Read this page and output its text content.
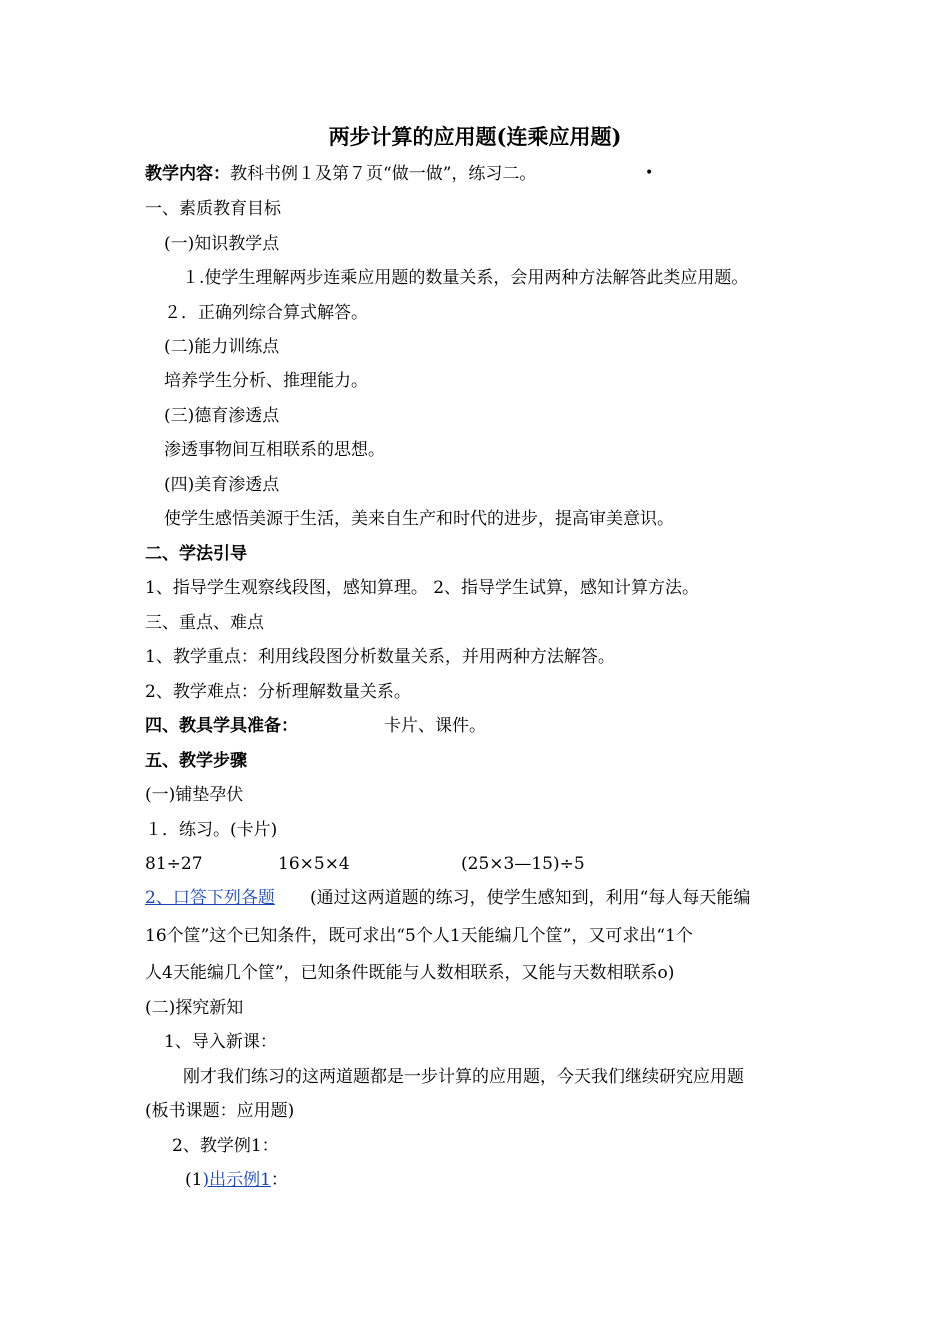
两步计算的应用题(连乘应用题)
教学内容：教科书例１及第７页“做一做”，练习二。	•
一、素质教育目标
(一)知识教学点
１.使学生理解两步连乘应用题的数量关系，会用两种方法解答此类应用题。
２．正确列综合算式解答。
(二)能力训练点
培养学生分析、推理能力。
(三)德育渗透点
渗透事物间互相联系的思想。
(四)美育渗透点
使学生感悟美源于生活，美来自生产和时代的进步，提高审美意识。
二、学法引导
1、指导学生观察线段图，感知算理。 2、指导学生试算，感知计算方法。
三、重点、难点
1、教学重点：利用线段图分析数量关系，并用两种方法解答。
2、教学难点：分析理解数量关系。
四、教具学具准备：	卡片、课件。
五、教学步骤
(一)铺垫孕伏
１．练习。(卡片)
81÷27	16×5×4	(25×3—15)÷5
2、口答下列各题 (通过这两道题的练习，使学生感知到，利用“每人每天能编
16个筐”这个已知条件，既可求出“5个人1天能编几个筐”，又可求出“1个
人4天能编几个筐”，已知条件既能与人数相联系，又能与天数相联系o)
(二)探究新知
1、导入新课：
刚才我们练习的这两道题都是一步计算的应用题，今天我们继续研究应用题
(板书课题：应用题)
2、教学例1：
(1)出示例1：
